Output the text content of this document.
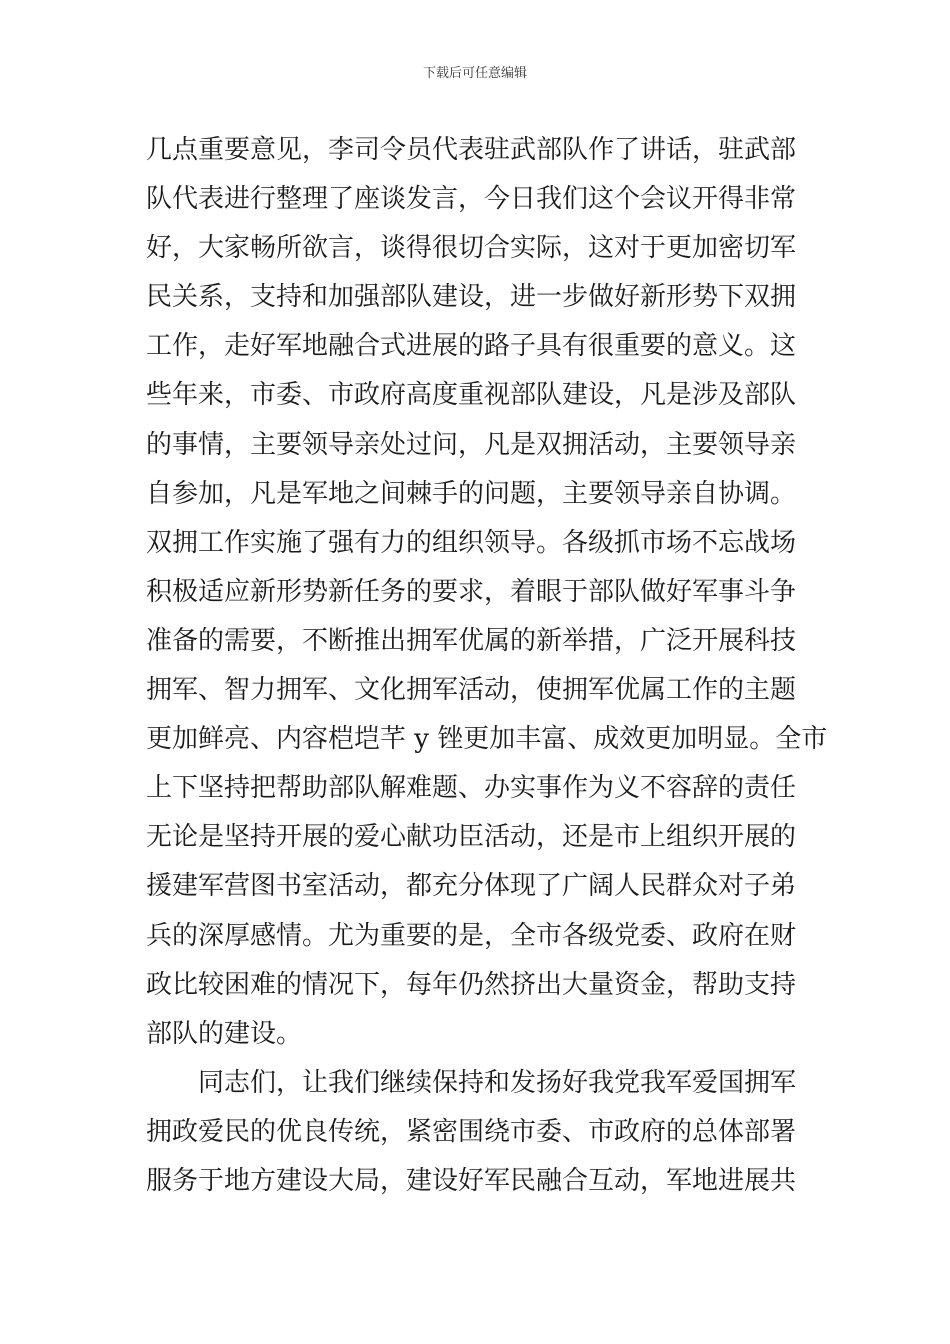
下载后可任意编辑
几点重要意见，李司令员代表驻武部队作了讲话，驻武部
队代表进行整理了座谈发言，今日我们这个会议开得非常
好，大家畅所欲言，谈得很切合实际，这对于更加密切军
民关系，支持和加强部队建设，进一步做好新形势下双拥
工作，走好军地融合式进展的路子具有很重要的意义。这
些年来，市委、市政府高度重视部队建设，凡是涉及部队
的事情，主要领导亲处过问，凡是双拥活动，主要领导亲
自参加，凡是军地之间棘手的问题，主要领导亲自协调。
双拥工作实施了强有力的组织领导。各级抓市场不忘战场
积极适应新形势新任务的要求，着眼于部队做好军事斗争
准备的需要，不断推出拥军优属的新举措，广泛开展科技
拥军、智力拥军、文化拥军活动，使拥军优属工作的主题
更加鲜亮、内容桤垲芊 y 锉更加丰富、成效更加明显。全市
上下坚持把帮助部队解难题、办实事作为义不容辞的责任
无论是坚持开展的爱心献功臣活动，还是市上组织开展的
援建军营图书室活动，都充分体现了广阔人民群众对子弟
兵的深厚感情。尤为重要的是，全市各级党委、政府在财
政比较困难的情况下，每年仍然挤出大量资金，帮助支持
部队的建设。
同志们，让我们继续保持和发扬好我党我军爱国拥军
拥政爱民的优良传统，紧密围绕市委、市政府的总体部署
服务于地方建设大局，建设好军民融合互动，军地进展共
